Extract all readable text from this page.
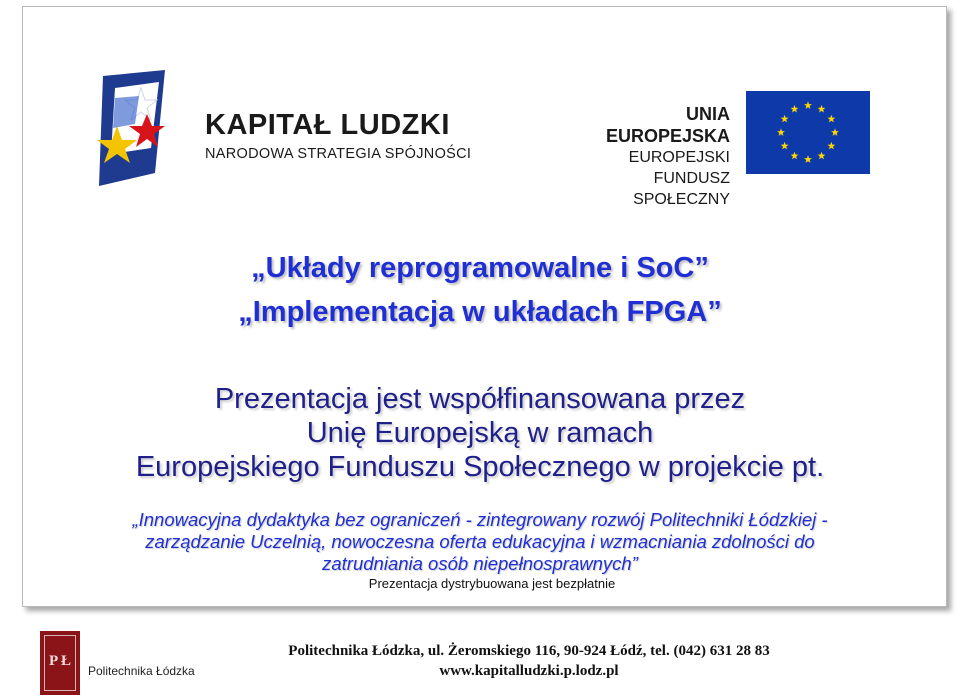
KAPITAŁ LUDZKI
NARODOWA STRATEGIA SPÓJNOŚCI
UNIA EUROPEJSKA
EUROPEJSKI
FUNDUSZ SPOŁECZNY
„Układy reprogramowalne i SoC”
„Implementacja w układach FPGA”
Prezentacja jest współfinansowana przez
Unię Europejską w ramach
Europejskiego Funduszu Społecznego w projekcie pt.
„Innowacyjna dydaktyka bez ograniczeń - zintegrowany rozwój Politechniki Łódzkiej -
zarządzanie Uczelnią, nowoczesna oferta edukacyjna i wzmacniania zdolności do
zatrudniania osób niepełnosprawnych”
Prezentacja dystrybuowana jest bezpłatnie
P Ł
Politechnika Łódzka
Politechnika Łódzka, ul. Żeromskiego 116, 90-924 Łódź, tel. (042) 631 28 83
www.kapitalludzki.p.lodz.pl
